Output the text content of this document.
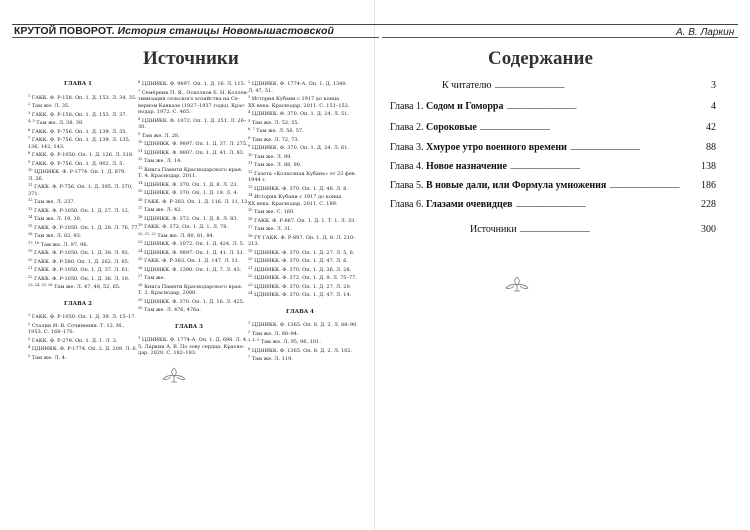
КРУТОЙ ПОВОРОТ. История станицы Новомышастовской	А. В. Ларкин
Источники
ГЛАВА 1
$^1$ ГАКК. Ф. Р-158. Оп. 1. Д. 153. Л. 34, 35.
$^2$ Там же. Л. 35.
$^3$ ГАКК. Ф. Р-158. Оп. 1. Д. 153. Л. 37.
$^{4, 5}$ Там же. Л. 38, 39.
$^6$ ГАКК. Ф. Р-756. Оп. 1. Д. 139. Л. 35.
$^7$ ГАКК. Ф. Р-756. Оп. 1. Д. 139. Л. 135,
136, 142, 143.
$^8$ ГАКК. Ф. Р-1050. Оп. 1. Д. 126. Л. 318.
$^9$ ГАКК. Ф. Р-756. Оп. 1. Д. 902. Л. 5.
$^{10}$ ЦДНИКК. Ф. Р-1774. Оп. 1. Д. 879.
Л. 26.
$^{11}$ ГАКК. Ф. Р-756. Оп. 1. Д. 395. Л. 370,
371.
$^{12}$ Там же. Л. 237.
$^{13}$ ГАКК. Ф. Р-1050. Оп. 1. Д. 27. Л. 12.
$^{14}$ Там же. Л. 19, 20.
$^{15}$ ГАКК. Ф. Р-1050. Оп. 1. Д. 28. Л. 76, 77.
$^{16}$ Там же. Л. 82, 83.
$^{17, 18}$ Там же. Л. 97, 96.
$^{19}$ ГАКК. Ф. Р-1050. Оп. 1. Д. 38. Л. 92.
$^{20}$ ГАКК. Ф. Р-580. Оп. 1. Д. 262. Л. 85.
$^{21}$ ГАКК. Ф. Р-1050. Оп. 1. Д. 37. Л. 61.
$^{22}$ ГАКК. Ф. Р-1050. Оп. 1. Д. 36. Л. 10.
$^{23, 24, 25, 26}$ Там же. Л. 47, 48, 52, 65.
ГЛАВА 2
$^1$ ГАКК. Ф. Р-1050. Оп. 1. Д. 39. Л. 15–17.
$^2$ Сталин И. В. Сочинения. Т. 12. М.,
1953. С. 168–170.
$^3$ ГАКК. Ф. Р-279. Оп. 1. Д. 1. Л. 2.
$^4$ ЦДНИКК. Ф. Р-1774. Оп. 2. Д. 209. Л. 6.
$^5$ Там же. Л. 4.
$^6$ ЦДНИКК. Ф. 9897. Оп. 1. Д. 16. Л. 115.
$^7$ Семёрник П. Я., Осколков Е. Н. Коллек-
тивизация сельского хозяйства на Се-
верном Кавказе (1927–1937 годы). Крас-
нодар, 1972. С. 465.
$^8$ ЦДНИКК. Ф. 1072. Оп. 1. Д. 251. Л. 26–
30.
$^9$ Там же. Л. 28.
$^{10}$ ЦДНИКК. Ф. 9897. Оп. 1. Д. 37. Л. 275.
$^{11}$ ЦДНИКК. Ф. 9897. Оп. 1. Д. 41. Л. 83.
$^{12}$ Там же. Л. 14.
$^{13}$ Книга Памяти Краснодарского края.
Т. 4. Краснодар, 2011.
$^{14}$ ЦДНИКК. Ф. 370. Оп. 1. Д. 8. Л. 23.
$^{15}$ ЦДНИКК. Ф. 370. Оп. 1. Д. 19. Л. 4.
$^{16}$ ГАКК. Ф. Р-383. Оп. 1. Д. 116. Л. 11, 12.
$^{17}$ Там же. Л. 42.
$^{18}$ ЦДНИКК. Ф. 372. Оп. 1. Д. 8. Л. 83.
$^{19}$ ГАКК. Ф. 372. Оп. 1. Д. 1. Л. 78.
$^{20, 21, 22}$ Там же. Л. 80, 81, 84.
$^{23}$ ЦДНИКК. Ф. 1072. Оп. 1. Д. 424. Л. 5.
$^{24}$ ЦДНИКК. Ф. 9897. Оп. 1. Д. 41. Л. 51.
$^{25}$ ГАКК. Ф. Р-383. Оп. 1. Д. 147. Л. 11.
$^{26}$ ЦДНИКК. Ф. 1390. Оп. 1. Д. 7. Л. 43.
$^{27}$ Там же.
$^{28}$ Книга Памяти Краснодарского края.
Т. 2. Краснодар, 2008.
$^{29}$ ЦДНИКК. Ф. 370. Оп. 1. Д. 16. Л. 425.
$^{30}$ Там же. Л. 476, 476а.
ГЛАВА 3
$^1$ ЦДНИКК. Ф. 1774-А. Оп. 1. Д. 698. Л. 4,
5; Ларкин А. В. По зову сердца. Красно-
дар, 2020. С. 182–183.
$^2$ ЦДНИКК. Ф. 1774-А. Оп. 1. Д. 1340.
Л. 47, 51.
$^3$ История Кубани с 1917 до конца
XX века. Краснодар, 2011. С. 151–152.
$^4$ ЦДНИКК. Ф. 370. Оп. 1. Д. 24. Л. 51.
$^5$ Там же. Л. 52, 55.
$^{6, 7}$ Там же. Л. 56, 57.
$^8$ Там же. Л. 72, 73.
$^9$ ЦДНИКК. Ф. 370. Оп. 1. Д. 24. Л. 61.
$^{10}$ Там же. Л. 89.
$^{11}$ Там же. Л. 88, 90.
$^{12}$ Газета «Колхозная Кубань» от 23 фев.
1944 г.
$^{13}$ ЦДНИКК. Ф. 370. Оп. 1. Д. 46. Л. 8.
$^{14}$ История Кубани с 1917 до конца
XX века. Краснодар, 2011. С. 189.
$^{15}$ Там же. С. 160.
$^{16}$ ГАКК. Ф. Р-867. Оп. 1. Д. 1. Т. 1. Л. 33.
$^{17}$ Там же. Л. 31.
$^{18}$ ГУ ГАКК. Ф. Р-897. Оп. 1. Д. 8. Л. 210–
213.
$^{19}$ ЦДНИКК. Ф. 370. Оп. 1. Д. 27. Л. 5, 6.
$^{20}$ ЦДНИКК. Ф. 370. Оп. 1. Д. 47. Л. 6.
$^{21}$ ЦДНИКК. Ф. 370. Оп. 1. Д. 36. Л. 28.
$^{22}$ ЦДНИКК. Ф. 372. Оп. 1. Д. 9. Л. 75–77.
$^{23}$ ЦДНИКК. Ф. 370. Оп. 1. Д. 27. Л. 20.
$^{24}$ ЦДНИКК. Ф. 370. Оп. 1. Д. 47. Л. 14.
ГЛАВА 4
$^1$ ЦДНИКК. Ф. 1365. Оп. 8. Д. 2. Л. 88–90.
$^2$ Там же. Л. 88–94.
$^{3, 4, 5}$ Там же. Л. 95, 96, 101.
$^6$ ЦДНИКК. Ф. 1365. Оп. 8. Д. 2. Л. 102.
$^7$ Там же. Л. 119.
Содержание
К читателю . . .	3
Глава 1. Содом и Гоморра . . .	4
Глава 2. Сороковые . . .	42
Глава 3. Хмурое утро военного времени . . .	88
Глава 4. Новое назначение . . .	138
Глава 5. В новые дали, или Формула умножения . . .	186
Глава 6. Глазами очевидцев . . .	228
Источники . . .	300
